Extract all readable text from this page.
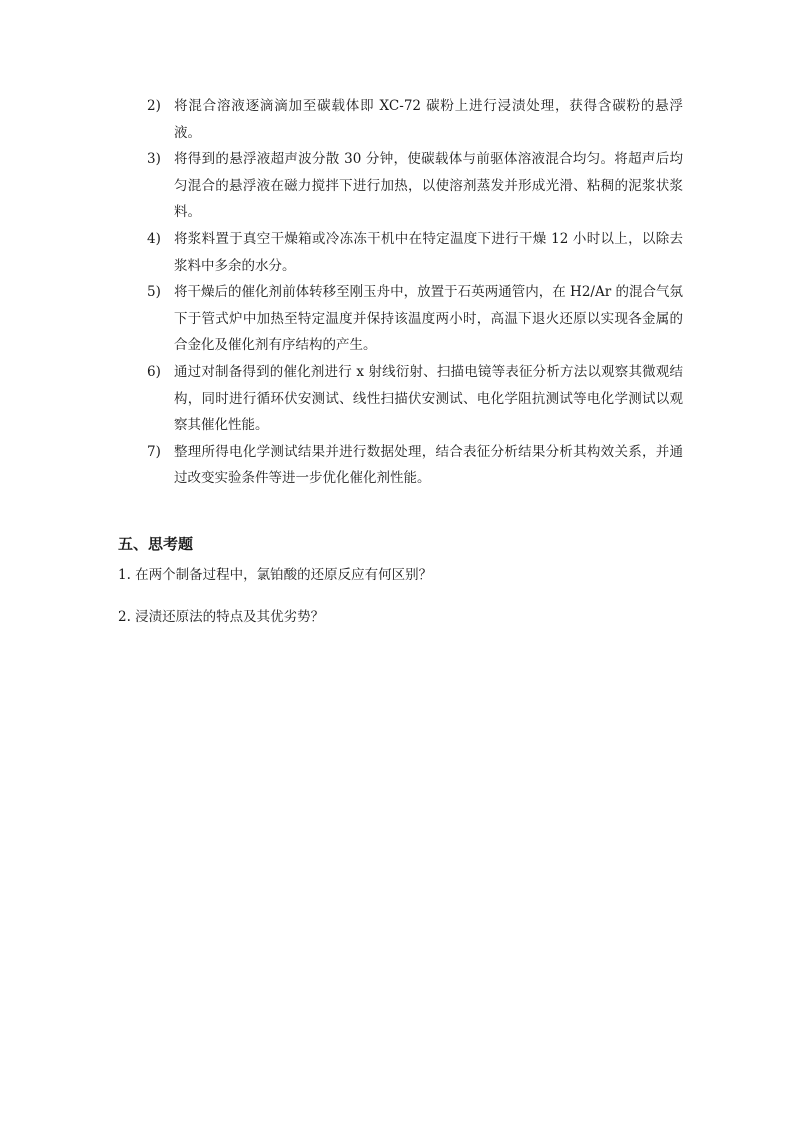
2) 将混合溶液逐滴滴加至碳载体即 XC-72 碳粉上进行浸渍处理，获得含碳粉的悬浮液。

3) 将得到的悬浮液超声波分散 30 分钟，使碳载体与前驱体溶液混合均匀。将超声后均匀混合的悬浮液在磁力搅拌下进行加热，以使溶剂蒸发并形成光滑、粘稠的泥浆状浆料。

4) 将浆料置于真空干燥箱或冷冻冻干机中在特定温度下进行干燥 12 小时以上，以除去浆料中多余的水分。

5) 将干燥后的催化剂前体转移至刚玉舟中，放置于石英两通管内，在 H2/Ar 的混合气氛下于管式炉中加热至特定温度并保持该温度两小时，高温下退火还原以实现各金属的合金化及催化剂有序结构的产生。

6) 通过对制备得到的催化剂进行 x 射线衍射、扫描电镜等表征分析方法以观察其微观结构，同时进行循环伏安测试、线性扫描伏安测试、电化学阻抗测试等电化学测试以观察其催化性能。

7) 整理所得电化学测试结果并进行数据处理，结合表征分析结果分析其构效关系，并通过改变实验条件等进一步优化催化剂性能。

五、思考题

1. 在两个制备过程中，氯铂酸的还原反应有何区别？

2. 浸渍还原法的特点及其优劣势？
